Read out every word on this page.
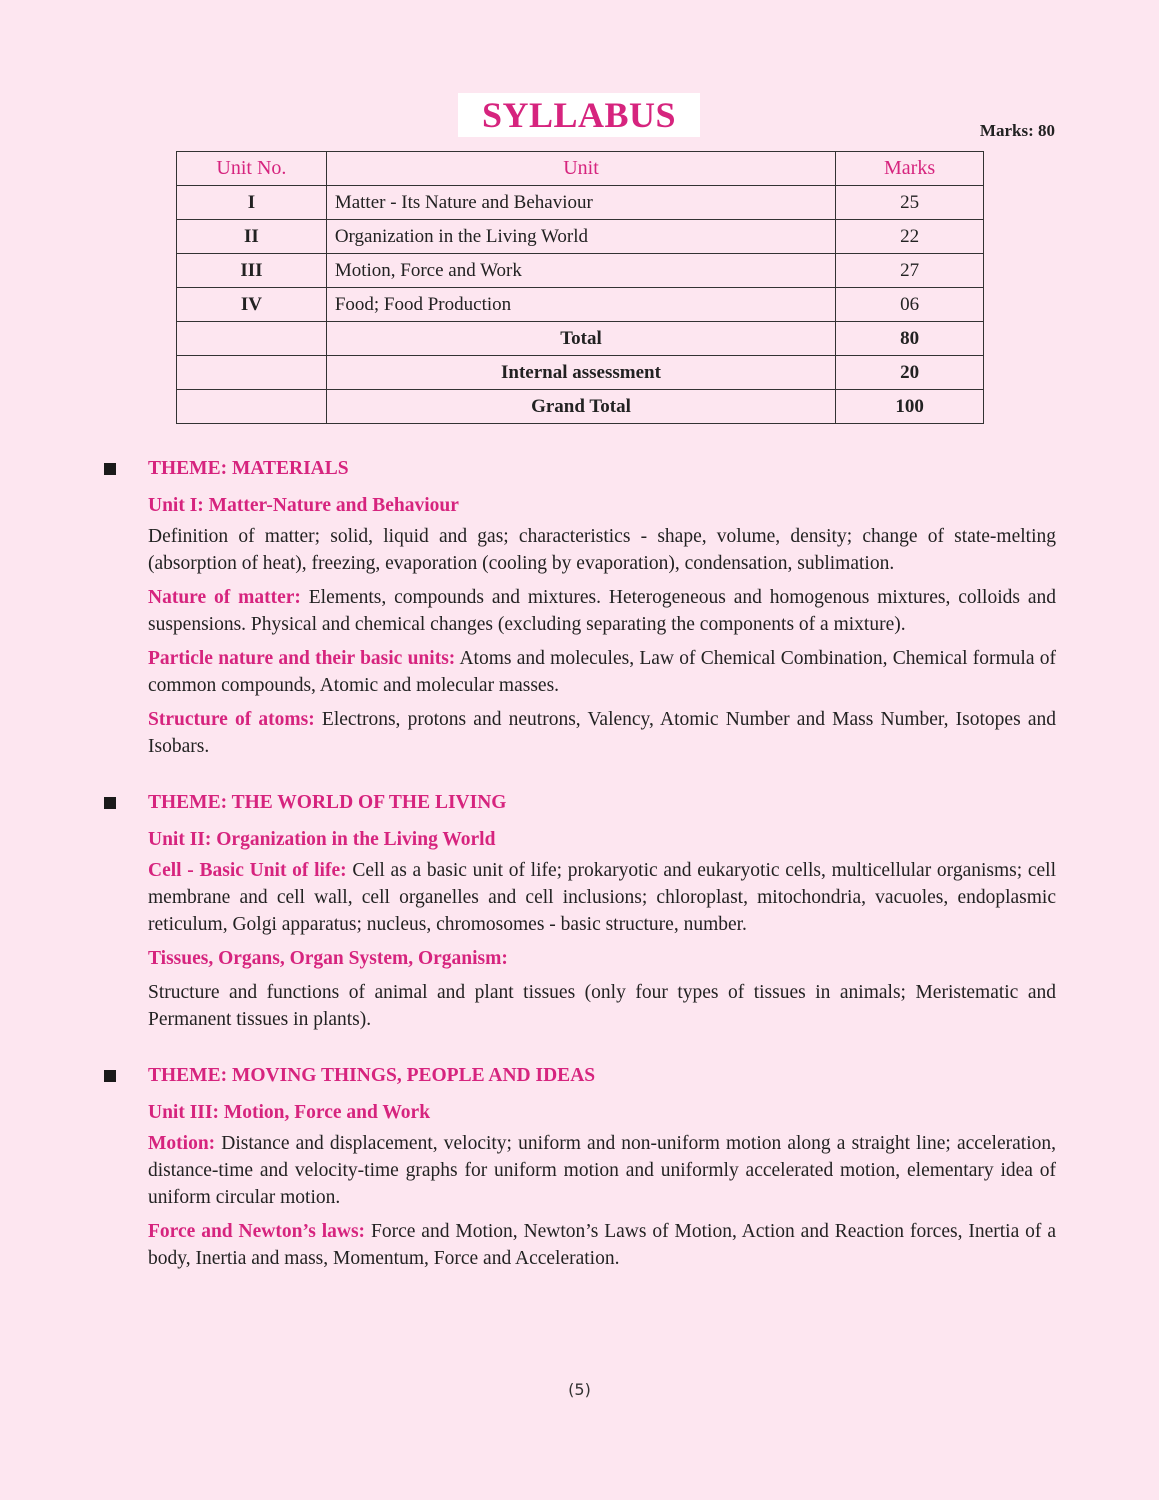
SYLLABUS	Marks: 80
Unit No.	Unit	Marks
I	Matter - Its Nature and Behaviour	25
II	Organization in the Living World	22
III	Motion, Force and Work	27
IV	Food; Food Production	06
	Total	80
	Internal assessment	20
	Grand Total	100
THEME: MATERIALS
Unit I: Matter-Nature and Behaviour

Definition of matter; solid, liquid and gas; characteristics - shape, volume, density; change of state-melting (absorption of heat), freezing, evaporation (cooling by evaporation), condensation, sublimation.

Nature of matter: Elements, compounds and mixtures. Heterogeneous and homogenous mixtures, colloids and suspensions. Physical and chemical changes (excluding separating the components of a mixture).

Particle nature and their basic units: Atoms and molecules, Law of Chemical Combination, Chemical formula of common compounds, Atomic and molecular masses.

Structure of atoms: Electrons, protons and neutrons, Valency, Atomic Number and Mass Number, Isotopes and Isobars.

THEME: THE WORLD OF THE LIVING
Unit II: Organization in the Living World

Cell - Basic Unit of life: Cell as a basic unit of life; prokaryotic and eukaryotic cells, multicellular organisms; cell membrane and cell wall, cell organelles and cell inclusions; chloroplast, mitochondria, vacuoles, endoplasmic reticulum, Golgi apparatus; nucleus, chromosomes - basic structure, number.

Tissues, Organs, Organ System, Organism:

Structure and functions of animal and plant tissues (only four types of tissues in animals; Meristematic and Permanent tissues in plants).

THEME: MOVING THINGS, PEOPLE AND IDEAS
Unit III: Motion, Force and Work

Motion: Distance and displacement, velocity; uniform and non-uniform motion along a straight line; acceleration, distance-time and velocity-time graphs for uniform motion and uniformly accelerated motion, elementary idea of uniform circular motion.

Force and Newton’s laws: Force and Motion, Newton’s Laws of Motion, Action and Reaction forces, Inertia of a body, Inertia and mass, Momentum, Force and Acceleration.

(5)
